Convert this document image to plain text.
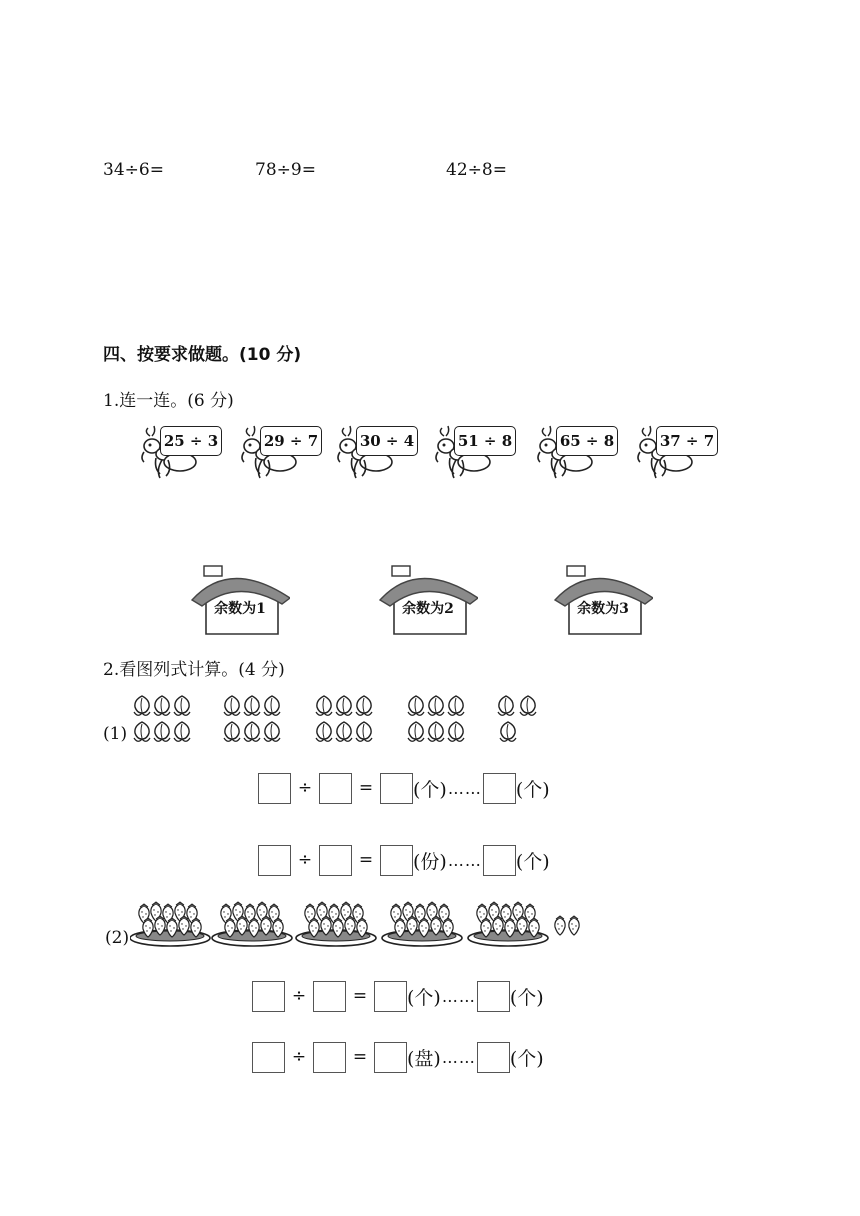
34÷6=	78÷9=	42÷8=
四、按要求做题。(10 分)
1.连一连。(6 分)
25 ÷ 3	29 ÷ 7	30 ÷ 4	51 ÷ 8	65 ÷ 8	37 ÷ 7
余数为1	余数为2	余数为3
2.看图列式计算。(4 分)
(1)
÷	=	(个) …… (个)
÷	=	(份) …… (个)
(2)
÷	=	(个) …… (个)
÷	=	(盘) …… (个)
